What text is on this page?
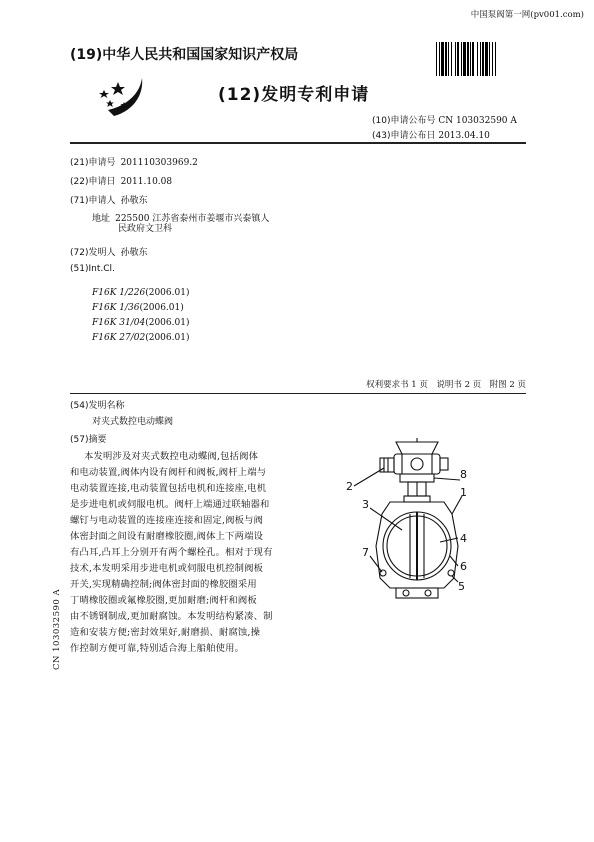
中国泵阀第一网(pv001.com)
(19)中华人民共和国国家知识产权局
(12)发明专利申请
(10)申请公布号 CN 103032590 A
(43)申请公布日 2013.04.10
(21)申请号 201110303969.2
(22)申请日 2011.10.08
(71)申请人 孙敬东
地址 225500 江苏省泰州市姜堰市兴泰镇人
民政府文卫科
(72)发明人 孙敬东
(51)Int.Cl.
F16K 1/226(2006.01)
F16K 1/36(2006.01)
F16K 31/04(2006.01)
F16K 27/02(2006.01)
权利要求书 1 页　说明书 2 页　附图 2 页
(54)发明名称
对夹式数控电动蝶阀
(57)摘要
本发明涉及对夹式数控电动蝶阀,包括阀体
和电动装置,阀体内设有阀杆和阀板,阀杆上端与
电动装置连接,电动装置包括电机和连接座,电机
是步进电机或伺服电机。阀杆上端通过联轴器和
螺钉与电动装置的连接座连接和固定,阀板与阀
体密封面之间设有耐磨橡胶圈,阀体上下两端设
有凸耳,凸耳上分别开有两个螺栓孔。相对于现有
技术,本发明采用步进电机或伺服电机控制阀板
开关,实现精确控制;阀体密封面的橡胶圈采用
丁晴橡胶圈或氟橡胶圈,更加耐磨;阀杆和阀板
由不锈钢制成,更加耐腐蚀。本发明结构紧凑、制
造和安装方便;密封效果好,耐磨损、耐腐蚀,操
作控制方便可靠,特别适合海上船舶使用。
CN 103032590 A
2
8
3
1
4
6
7
5
